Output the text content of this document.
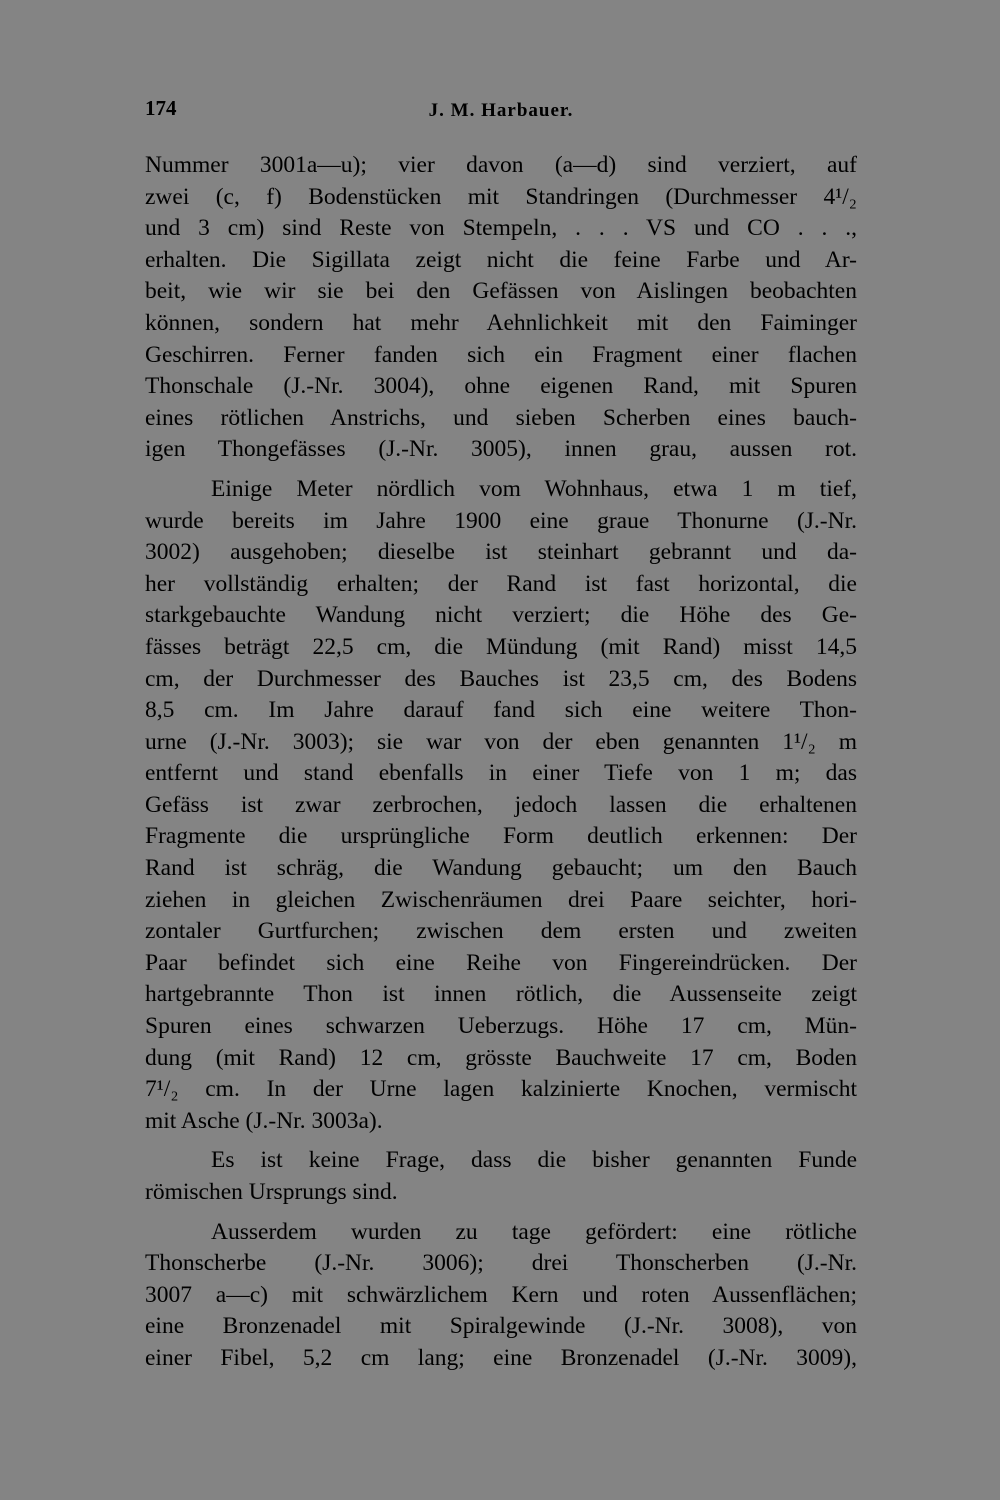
174	J. M. Harbauer.

Nummer 3001a—u); vier davon (a—d) sind verziert, auf
zwei (c, f) Bodenstücken mit Standringen (Durchmesser 4¹/₂
und 3 cm) sind Reste von Stempeln, . . . VS und CO . . .,
erhalten. Die Sigillata zeigt nicht die feine Farbe und Ar-
beit, wie wir sie bei den Gefässen von Aislingen beobachten
können, sondern hat mehr Aehnlichkeit mit den Faiminger
Geschirren. Ferner fanden sich ein Fragment einer flachen
Thonschale (J.-Nr. 3004), ohne eigenen Rand, mit Spuren
eines rötlichen Anstrichs, und sieben Scherben eines bauch-
igen Thongefässes (J.-Nr. 3005), innen grau, aussen rot.

Einige Meter nördlich vom Wohnhaus, etwa 1 m tief,
wurde bereits im Jahre 1900 eine graue Thonurne (J.-Nr.
3002) ausgehoben; dieselbe ist steinhart gebrannt und da-
her vollständig erhalten; der Rand ist fast horizontal, die
starkgebauchte Wandung nicht verziert; die Höhe des Ge-
fässes beträgt 22,5 cm, die Mündung (mit Rand) misst 14,5
cm, der Durchmesser des Bauches ist 23,5 cm, des Bodens
8,5 cm. Im Jahre darauf fand sich eine weitere Thon-
urne (J.-Nr. 3003); sie war von der eben genannten 1¹/₂ m
entfernt und stand ebenfalls in einer Tiefe von 1 m; das
Gefäss ist zwar zerbrochen, jedoch lassen die erhaltenen
Fragmente die ursprüngliche Form deutlich erkennen: Der
Rand ist schräg, die Wandung gebaucht; um den Bauch
ziehen in gleichen Zwischenräumen drei Paare seichter, hori-
zontaler Gurtfurchen; zwischen dem ersten und zweiten
Paar befindet sich eine Reihe von Fingereindrücken. Der
hartgebrannte Thon ist innen rötlich, die Aussenseite zeigt
Spuren eines schwarzen Ueberzugs. Höhe 17 cm, Mün-
dung (mit Rand) 12 cm, grösste Bauchweite 17 cm, Boden
7¹/₂ cm. In der Urne lagen kalzinierte Knochen, vermischt
mit Asche (J.-Nr. 3003a).

Es ist keine Frage, dass die bisher genannten Funde
römischen Ursprungs sind.

Ausserdem wurden zu tage gefördert: eine rötliche
Thonscherbe (J.-Nr. 3006); drei Thonscherben (J.-Nr.
3007 a—c) mit schwärzlichem Kern und roten Aussenflächen;
eine Bronzenadel mit Spiralgewinde (J.-Nr. 3008), von
einer Fibel, 5,2 cm lang; eine Bronzenadel (J.-Nr. 3009),
